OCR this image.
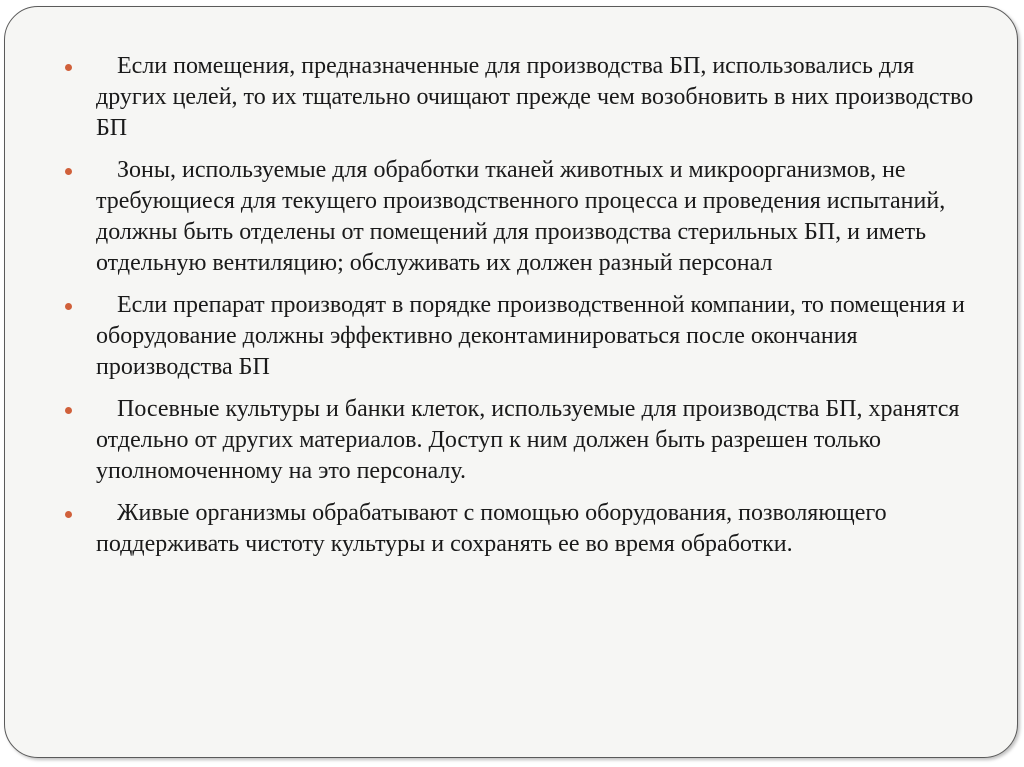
Если помещения, предназначенные для производства БП, использовались для других целей, то их тщательно очищают прежде чем возобновить в них производство БП
Зоны, используемые для обработки тканей животных и микроорганизмов, не требующиеся для текущего производственного процесса и проведения испытаний, должны быть отделены от помещений для производства стерильных БП, и иметь отдельную вентиляцию; обслуживать их должен разный персонал
Если препарат производят в порядке производственной компании, то помещения и оборудование должны эффективно деконтаминироваться после окончания производства БП
Посевные культуры и банки клеток, используемые для производства БП, хранятся отдельно от других материалов. Доступ к ним должен быть разрешен только уполномоченному на это персоналу.
Живые организмы обрабатывают с помощью оборудования, позволяющего поддерживать чистоту культуры и сохранять ее во время обработки.
